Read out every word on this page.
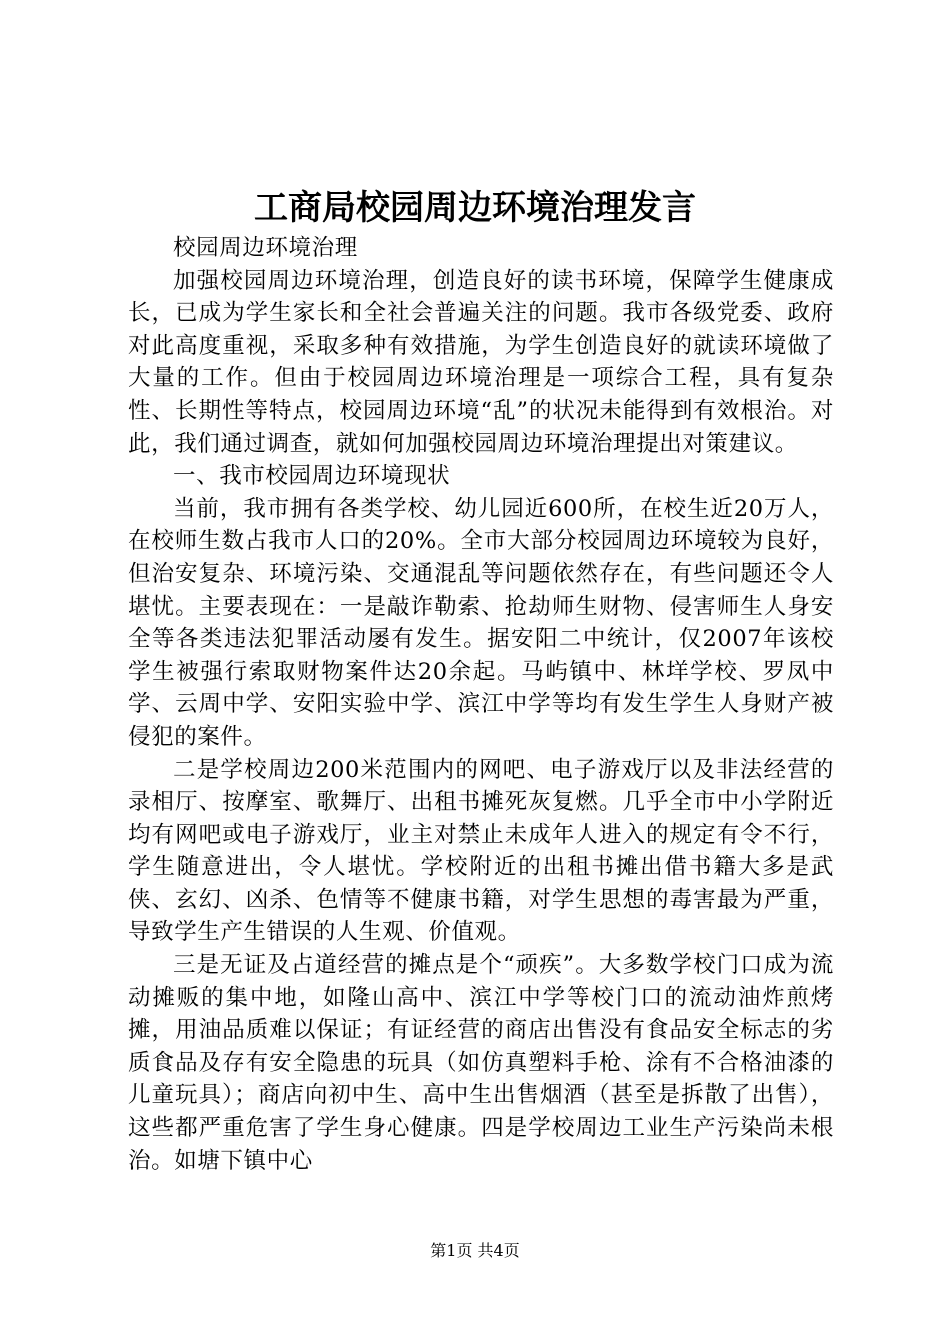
工商局校园周边环境治理发言

校园周边环境治理

加强校园周边环境治理，创造良好的读书环境，保障学生健康成长，已成为学生家长和全社会普遍关注的问题。我市各级党委、政府对此高度重视，采取多种有效措施，为学生创造良好的就读环境做了大量的工作。但由于校园周边环境治理是一项综合工程，具有复杂性、长期性等特点，校园周边环境“乱”的状况未能得到有效根治。对此，我们通过调查，就如何加强校园周边环境治理提出对策建议。

一、我市校园周边环境现状

当前，我市拥有各类学校、幼儿园近600所，在校生近20万人，在校师生数占我市人口的20%。全市大部分校园周边环境较为良好，但治安复杂、环境污染、交通混乱等问题依然存在，有些问题还令人堪忧。主要表现在：一是敲诈勒索、抢劫师生财物、侵害师生人身安全等各类违法犯罪活动屡有发生。据安阳二中统计，仅2007年该校学生被强行索取财物案件达20余起。马屿镇中、林垟学校、罗凤中学、云周中学、安阳实验中学、滨江中学等均有发生学生人身财产被侵犯的案件。

二是学校周边200米范围内的网吧、电子游戏厅以及非法经营的录相厅、按摩室、歌舞厅、出租书摊死灰复燃。几乎全市中小学附近均有网吧或电子游戏厅，业主对禁止未成年人进入的规定有令不行，学生随意进出，令人堪忧。学校附近的出租书摊出借书籍大多是武侠、玄幻、凶杀、色情等不健康书籍，对学生思想的毒害最为严重，导致学生产生错误的人生观、价值观。

三是无证及占道经营的摊点是个“顽疾”。大多数学校门口成为流动摊贩的集中地，如隆山高中、滨江中学等校门口的流动油炸煎烤摊，用油品质难以保证；有证经营的商店出售没有食品安全标志的劣质食品及存有安全隐患的玩具（如仿真塑料手枪、涂有不合格油漆的儿童玩具）；商店向初中生、高中生出售烟酒（甚至是拆散了出售），这些都严重危害了学生身心健康。四是学校周边工业生产污染尚未根治。如塘下镇中心

第1页 共4页
